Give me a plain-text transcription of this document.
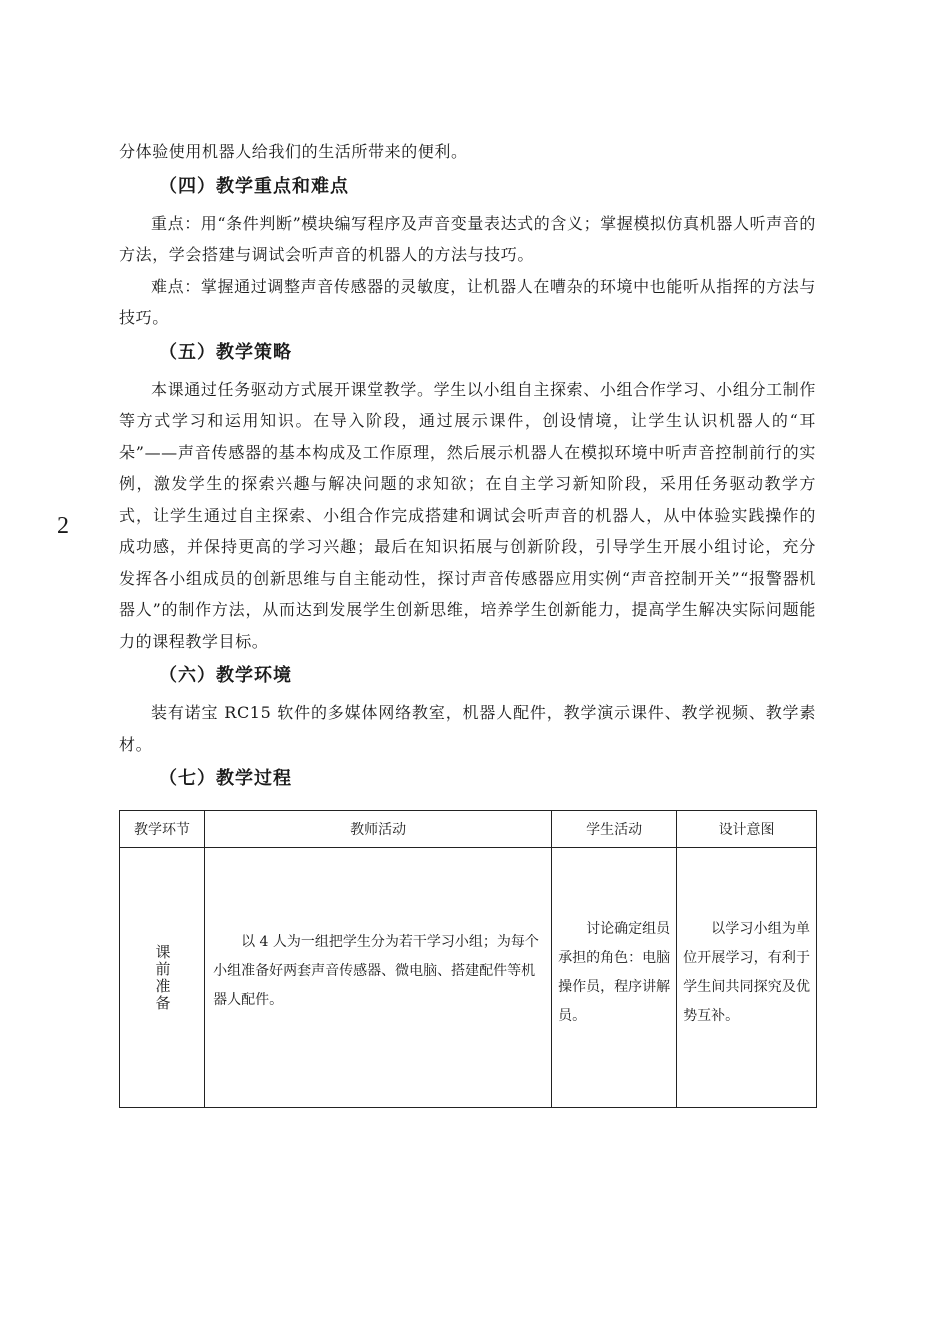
2

分体验使用机器人给我们的生活所带来的便利。

（四）教学重点和难点

重点：用“条件判断”模块编写程序及声音变量表达式的含义；掌握模拟仿真机器人听声音的方法，学会搭建与调试会听声音的机器人的方法与技巧。

难点：掌握通过调整声音传感器的灵敏度，让机器人在嘈杂的环境中也能听从指挥的方法与技巧。

（五）教学策略

本课通过任务驱动方式展开课堂教学。学生以小组自主探索、小组合作学习、小组分工制作等方式学习和运用知识。在导入阶段，通过展示课件，创设情境，让学生认识机器人的“耳朵”——声音传感器的基本构成及工作原理，然后展示机器人在模拟环境中听声音控制前行的实例，激发学生的探索兴趣与解决问题的求知欲；在自主学习新知阶段，采用任务驱动教学方式，让学生通过自主探索、小组合作完成搭建和调试会听声音的机器人，从中体验实践操作的成功感，并保持更高的学习兴趣；最后在知识拓展与创新阶段，引导学生开展小组讨论，充分发挥各小组成员的创新思维与自主能动性，探讨声音传感器应用实例“声音控制开关”“报警器机器人”的制作方法，从而达到发展学生创新思维，培养学生创新能力，提高学生解决实际问题能力的课程教学目标。

（六）教学环境

装有诺宝 RC15 软件的多媒体网络教室，机器人配件，教学演示课件、教学视频、教学素材。

（七）教学过程
教学环节	教师活动	学生活动	设计意图

课前准备	以 4 人为一组把学生分为若干学习小组；为每个小组准备好两套声音传感器、微电脑、搭建配件等机器人配件。	讨论确定组员承担的角色：电脑操作员，程序讲解员。	以学习小组为单位开展学习，有利于学生间共同探究及优势互补。
